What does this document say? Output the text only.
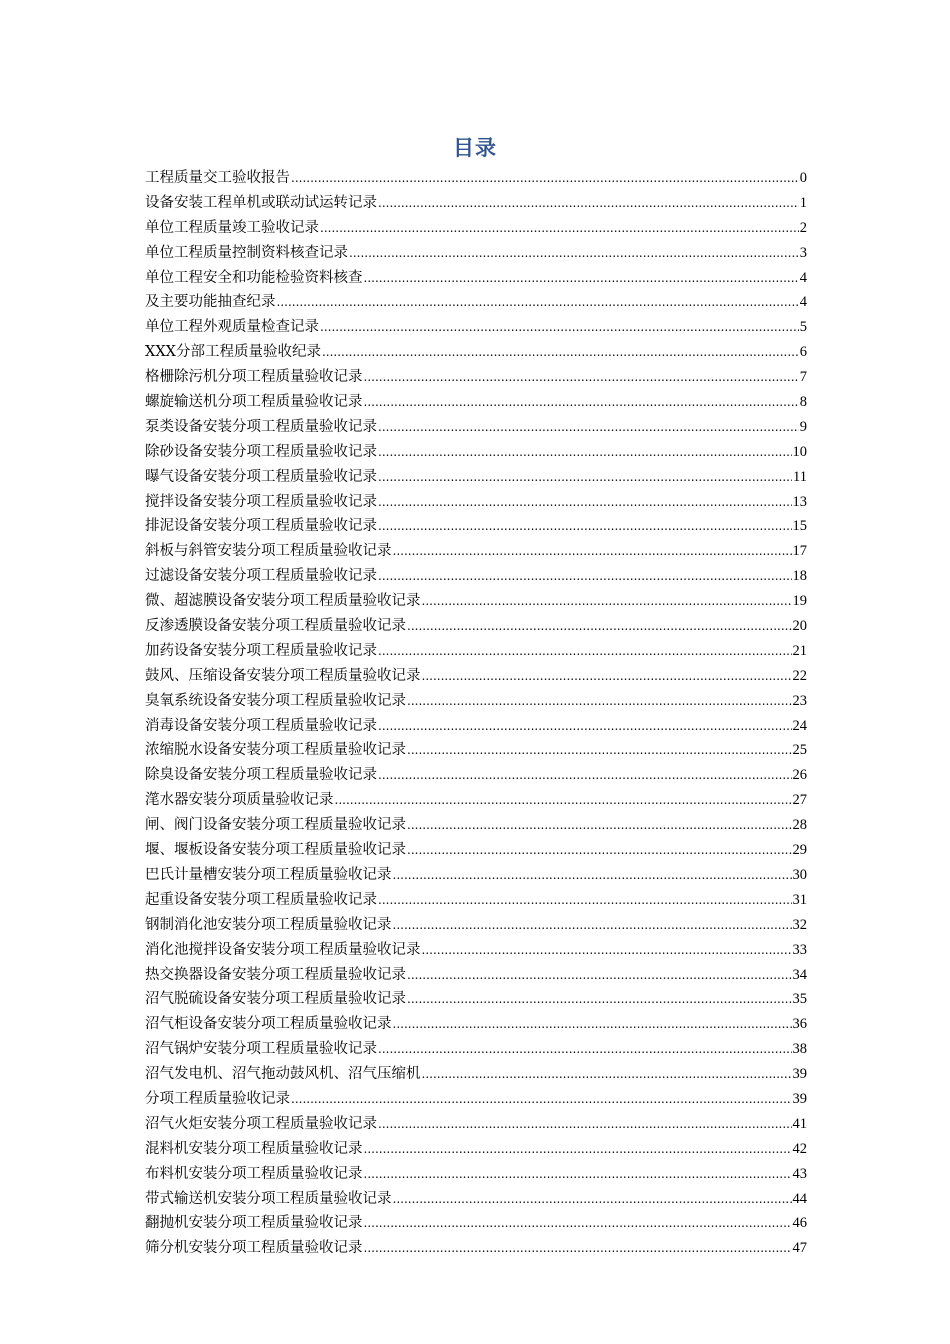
目录
工程质量交工验收报告 .....	0
设备安装工程单机或联动试运转记录 .....	1
单位工程质量竣工验收记录 .....	2
单位工程质量控制资料核查记录 .....	3
单位工程安全和功能检验资料核查 .....	4
及主要功能抽查纪录 .....	4
单位工程外观质量检查记录 .....	5
XXX分部工程质量验收纪录 .....	6
格栅除污机分项工程质量验收记录 .....	7
螺旋输送机分项工程质量验收记录 .....	8
泵类设备安装分项工程质量验收记录 .....	9
除砂设备安装分项工程质量验收记录 .....	10
曝气设备安装分项工程质量验收记录 .....	11
搅拌设备安装分项工程质量验收记录 .....	13
排泥设备安装分项工程质量验收记录 .....	15
斜板与斜管安装分项工程质量验收记录 .....	17
过滤设备安装分项工程质量验收记录 .....	18
微、超滤膜设备安装分项工程质量验收记录 .....	19
反渗透膜设备安装分项工程质量验收记录 .....	20
加药设备安装分项工程质量验收记录 .....	21
鼓风、压缩设备安装分项工程质量验收记录 .....	22
臭氧系统设备安装分项工程质量验收记录 .....	23
消毒设备安装分项工程质量验收记录 .....	24
浓缩脱水设备安装分项工程质量验收记录 .....	25
除臭设备安装分项工程质量验收记录 .....	26
滗水器安装分项质量验收记录 .....	27
闸、阀门设备安装分项工程质量验收记录 .....	28
堰、堰板设备安装分项工程质量验收记录 .....	29
巴氏计量槽安装分项工程质量验收记录 .....	30
起重设备安装分项工程质量验收记录 .....	31
钢制消化池安装分项工程质量验收记录 .....	32
消化池搅拌设备安装分项工程质量验收记录 .....	33
热交换器设备安装分项工程质量验收记录 .....	34
沼气脱硫设备安装分项工程质量验收记录 .....	35
沼气柜设备安装分项工程质量验收记录 .....	36
沼气锅炉安装分项工程质量验收记录 .....	38
沼气发电机、沼气拖动鼓风机、沼气压缩机 .....	39
分项工程质量验收记录 .....	39
沼气火炬安装分项工程质量验收记录 .....	41
混料机安装分项工程质量验收记录 .....	42
布料机安装分项工程质量验收记录 .....	43
带式输送机安装分项工程质量验收记录 .....	44
翻抛机安装分项工程质量验收记录 .....	46
筛分机安装分项工程质量验收记录 .....	47
